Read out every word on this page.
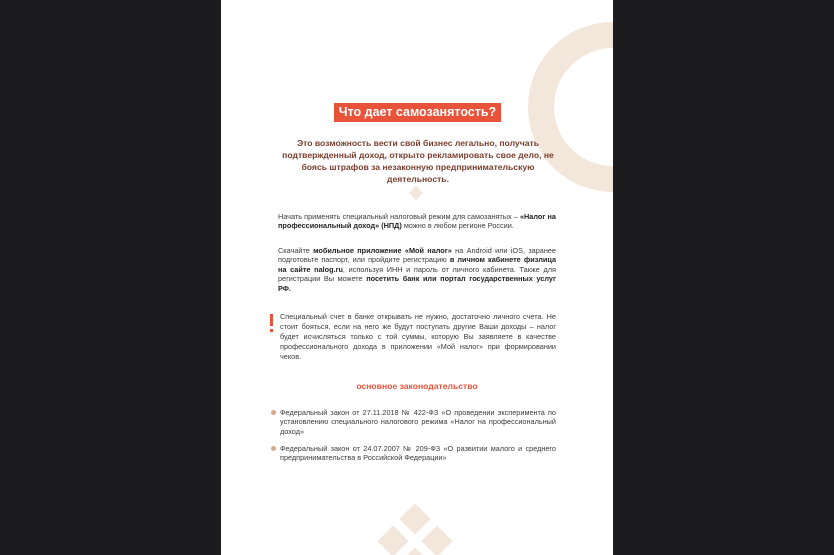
Что дает самозанятость?
Это возможность вести свой бизнес легально, получать подтвержденный доход, открыто рекламировать свое дело, не боясь штрафов за незаконную предпринимательскую деятельность.
Начать применять специальный налоговый режим для самозанятых – «Налог на профессиональный доход» (НПД) можно в любом регионе России.
Скачайте мобильное приложение «Мой налог» на Android или iOS, заранее подготовьте паспорт, или пройдите регистрацию в личном кабинете физлица на сайте nalog.ru, используя ИНН и пароль от личного кабинета. Также для регистрации Вы можете посетить банк или портал государственных услуг РФ.
Специальный счет в банке открывать не нужно, достаточно личного счета. Не стоит бояться, если на него же будут поступать другие Ваши доходы – налог будет исчисляться только с той суммы, которую Вы заявляете в качестве профессионального дохода в приложении «Мой налог» при формировании чеков.
основное законодательство
Федеральный закон от 27.11.2018 № 422-ФЗ «О проведении эксперимента по установлению специального налогового режима «Налог на профессиональный доход»
Федеральный закон от 24.07.2007 № 209-ФЗ «О развитии малого и среднего предпринимательства в Российской Федерации»
